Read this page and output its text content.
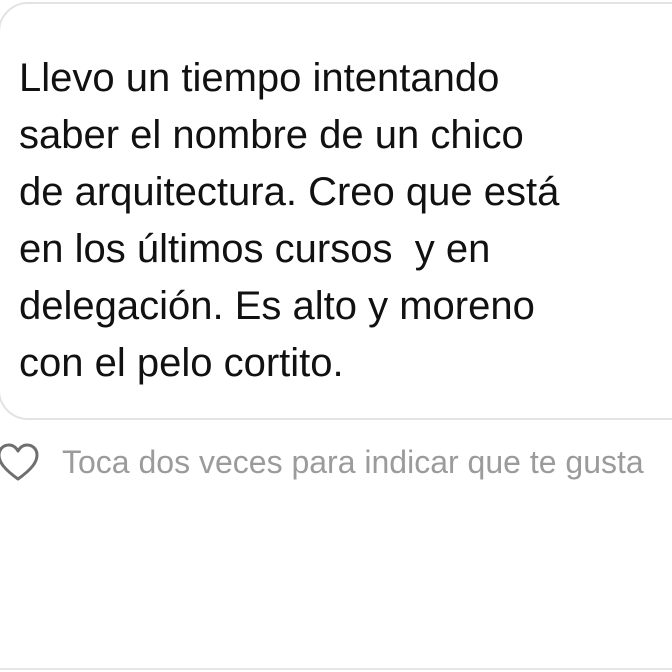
Llevo un tiempo intentando
saber el nombre de un chico
de arquitectura. Creo que está
en los últimos cursos  y en
delegación. Es alto y moreno
con el pelo cortito.

Toca dos veces para indicar que te gusta
